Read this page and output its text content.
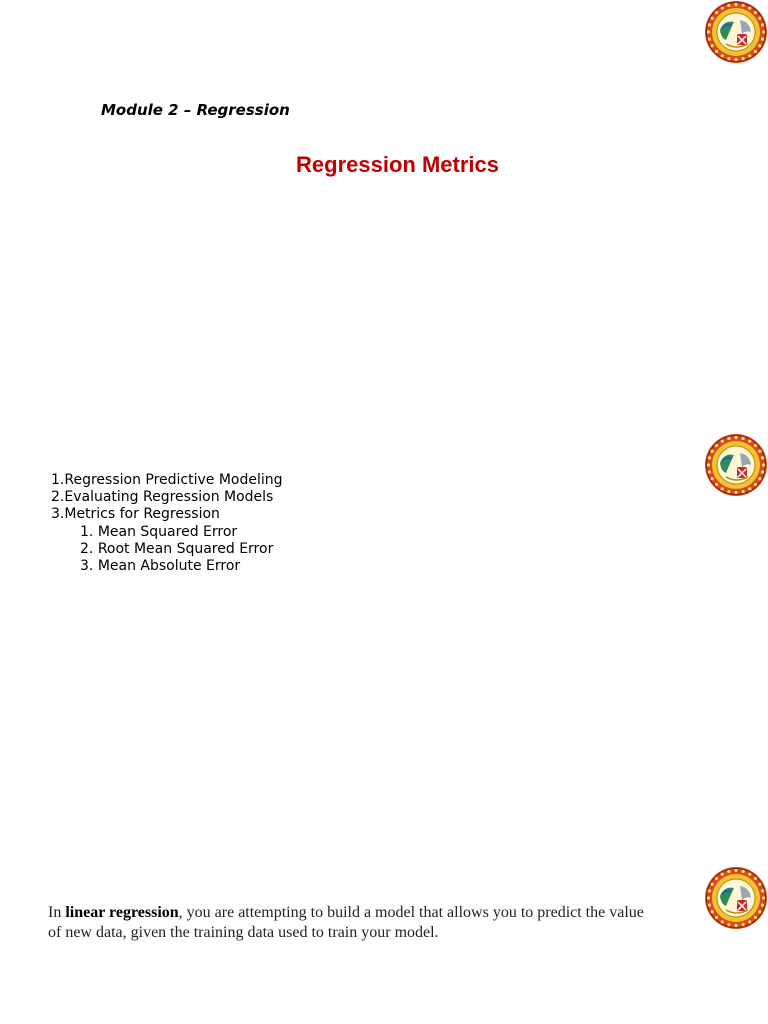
Module 2 – Regression

Regression Metrics
1.Regression Predictive Modeling
2.Evaluating Regression Models
3.Metrics for Regression
1. Mean Squared Error
2. Root Mean Squared Error
3. Mean Absolute Error

In linear regression, you are attempting to build a model that allows you to predict the value of new data, given the training data used to train your model.
